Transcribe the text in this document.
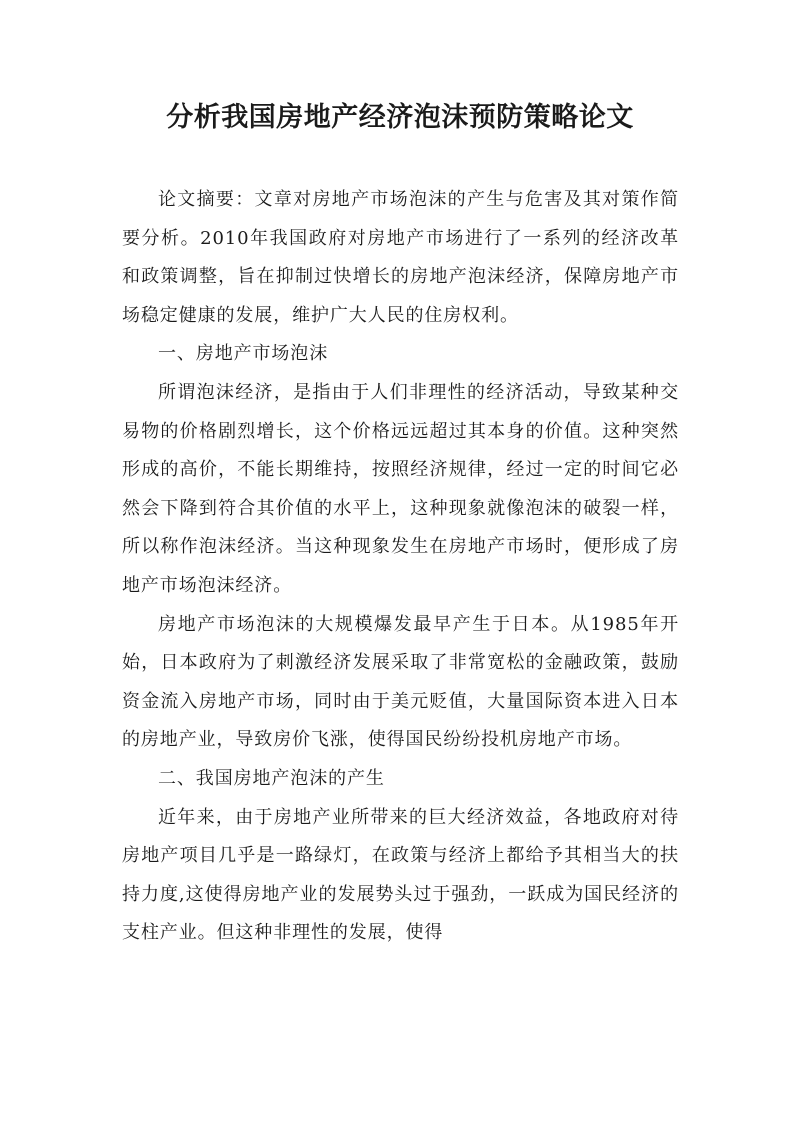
分析我国房地产经济泡沫预防策略论文

论文摘要：文章对房地产市场泡沫的产生与危害及其对策作简要分析。2010年我国政府对房地产市场进行了一系列的经济改革和政策调整，旨在抑制过快增长的房地产泡沫经济，保障房地产市场稳定健康的发展，维护广大人民的住房权利。

一、房地产市场泡沫

所谓泡沫经济，是指由于人们非理性的经济活动，导致某种交易物的价格剧烈增长，这个价格远远超过其本身的价值。这种突然形成的高价，不能长期维持，按照经济规律，经过一定的时间它必然会下降到符合其价值的水平上，这种现象就像泡沫的破裂一样，所以称作泡沫经济。当这种现象发生在房地产市场时，便形成了房地产市场泡沫经济。

房地产市场泡沫的大规模爆发最早产生于日本。从1985年开始，日本政府为了刺激经济发展采取了非常宽松的金融政策，鼓励资金流入房地产市场，同时由于美元贬值，大量国际资本进入日本的房地产业，导致房价飞涨，使得国民纷纷投机房地产市场。

二、我国房地产泡沫的产生

近年来，由于房地产业所带来的巨大经济效益，各地政府对待房地产项目几乎是一路绿灯，在政策与经济上都给予其相当大的扶持力度,这使得房地产业的发展势头过于强劲，一跃成为国民经济的支柱产业。但这种非理性的发展，使得
